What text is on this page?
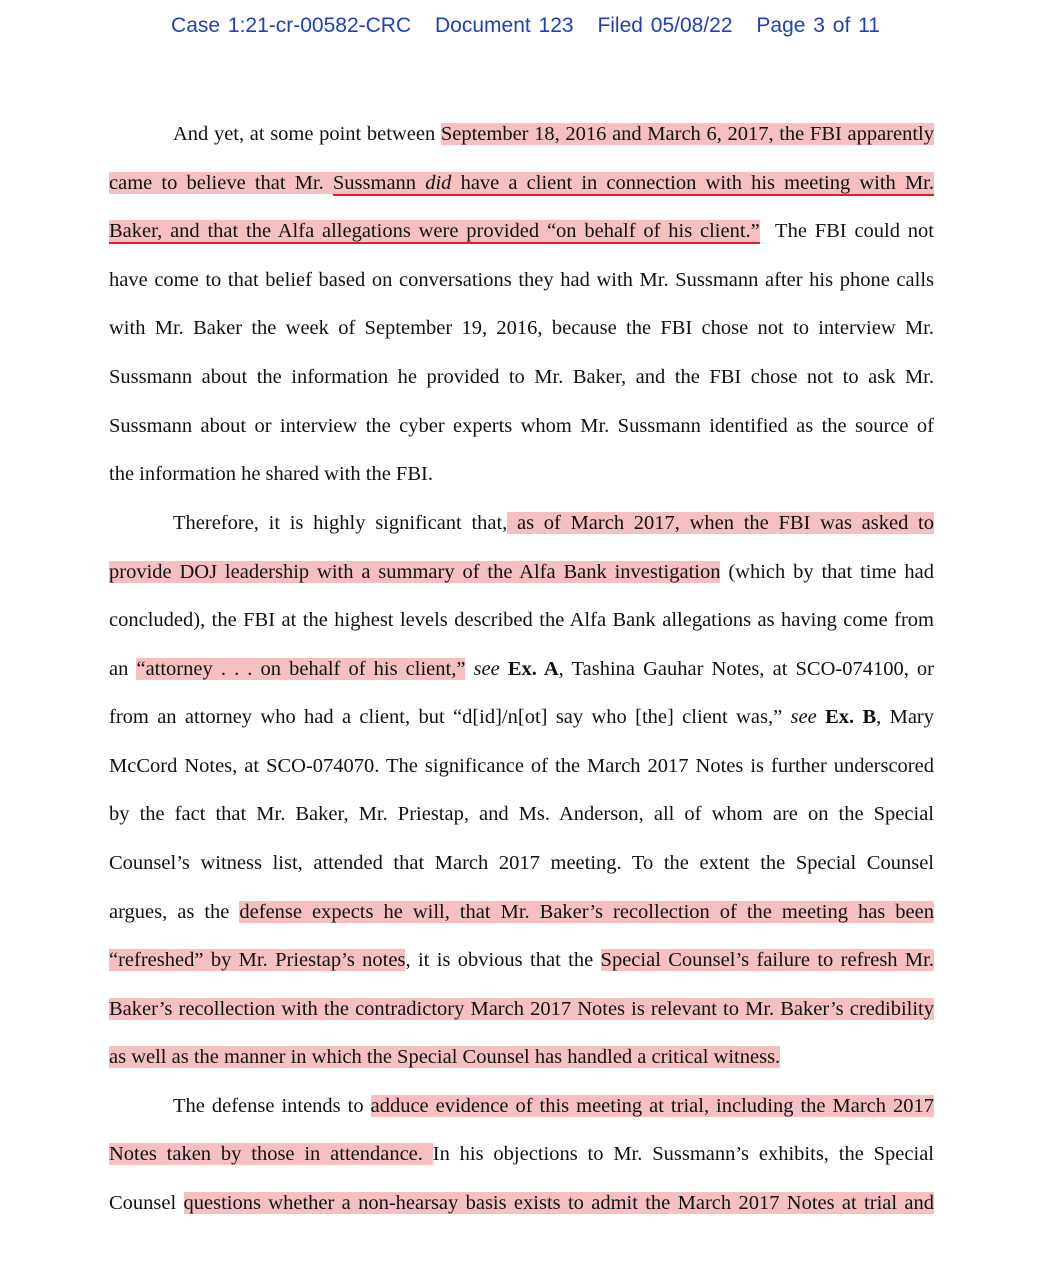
Case 1:21-cr-00582-CRC Document 123 Filed 05/08/22 Page 3 of 11
And yet, at some point between September 18, 2016 and March 6, 2017, the FBI apparently
came to believe that Mr. Sussmann did have a client in connection with his meeting with Mr.
Baker, and that the Alfa allegations were provided “on behalf of his client.” The FBI could not
have come to that belief based on conversations they had with Mr. Sussmann after his phone calls
with Mr. Baker the week of September 19, 2016, because the FBI chose not to interview Mr.
Sussmann about the information he provided to Mr. Baker, and the FBI chose not to ask Mr.
Sussmann about or interview the cyber experts whom Mr. Sussmann identified as the source of
the information he shared with the FBI.
Therefore, it is highly significant that, as of March 2017, when the FBI was asked to
provide DOJ leadership with a summary of the Alfa Bank investigation (which by that time had
concluded), the FBI at the highest levels described the Alfa Bank allegations as having come from
an “attorney . . . on behalf of his client,” see Ex. A, Tashina Gauhar Notes, at SCO-074100, or
from an attorney who had a client, but “d[id]/n[ot] say who [the] client was,” see Ex. B, Mary
McCord Notes, at SCO-074070. The significance of the March 2017 Notes is further underscored
by the fact that Mr. Baker, Mr. Priestap, and Ms. Anderson, all of whom are on the Special
Counsel’s witness list, attended that March 2017 meeting. To the extent the Special Counsel
argues, as the defense expects he will, that Mr. Baker’s recollection of the meeting has been
“refreshed” by Mr. Priestap’s notes, it is obvious that the Special Counsel’s failure to refresh Mr.
Baker’s recollection with the contradictory March 2017 Notes is relevant to Mr. Baker’s credibility
as well as the manner in which the Special Counsel has handled a critical witness.
The defense intends to adduce evidence of this meeting at trial, including the March 2017
Notes taken by those in attendance. In his objections to Mr. Sussmann’s exhibits, the Special
Counsel questions whether a non-hearsay basis exists to admit the March 2017 Notes at trial and
